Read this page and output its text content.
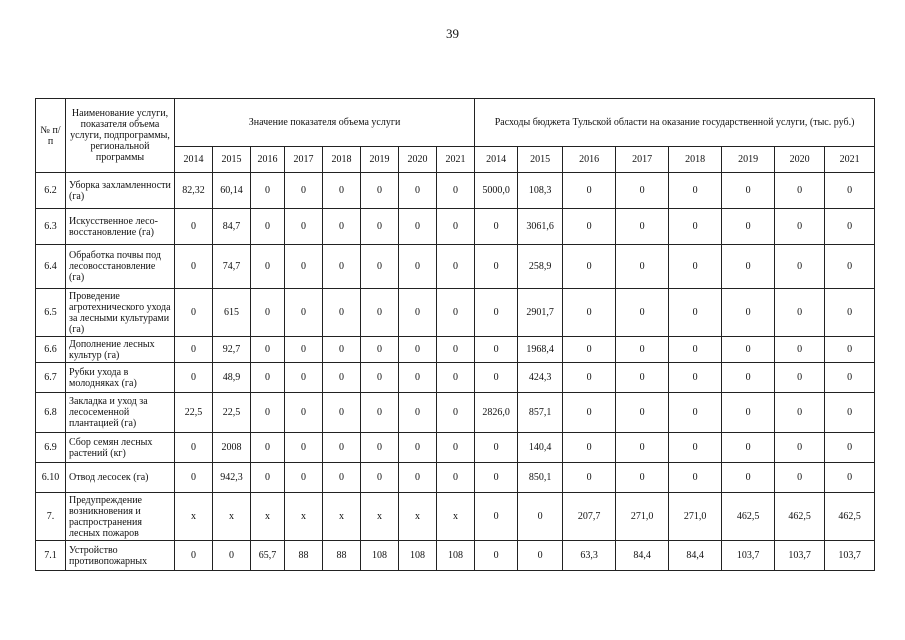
39
№ п/п	Наименование услуги, показателя объема услуги, подпрограммы, региональной программы	Значение показателя объема услуги								Расходы бюджета Тульской области на оказание государственной услуги, (тыс. руб.)							
		2014	2015	2016	2017	2018	2019	2020	2021	2014	2015	2016	2017	2018	2019	2020	2021
6.2	Уборка захламленности (га)	82,32	60,14	0	0	0	0	0	0	5000,0	108,3	0	0	0	0	0	0
6.3	Искусственное лесо-восстановление (га)	0	84,7	0	0	0	0	0	0	0	3061,6	0	0	0	0	0	0
6.4	Обработка почвы под лесовосстановление (га)	0	74,7	0	0	0	0	0	0	0	258,9	0	0	0	0	0	0
6.5	Проведение агротехнического ухода за лесными культурами (га)	0	615	0	0	0	0	0	0	0	2901,7	0	0	0	0	0	0
6.6	Дополнение лесных культур (га)	0	92,7	0	0	0	0	0	0	0	1968,4	0	0	0	0	0	0
6.7	Рубки ухода в молодняках (га)	0	48,9	0	0	0	0	0	0	0	424,3	0	0	0	0	0	0
6.8	Закладка и уход за лесосеменной плантацией (га)	22,5	22,5	0	0	0	0	0	0	2826,0	857,1	0	0	0	0	0	0
6.9	Сбор семян лесных растений (кг)	0	2008	0	0	0	0	0	0	0	140,4	0	0	0	0	0	0
6.10	Отвод лесосек (га)	0	942,3	0	0	0	0	0	0	0	850,1	0	0	0	0	0	0
7.	Предупреждение возникновения и распространения лесных пожаров	x	x	x	x	x	x	x	x	0	0	207,7	271,0	271,0	462,5	462,5	462,5
7.1	Устройство противопожарных	0	0	65,7	88	88	108	108	108	0	0	63,3	84,4	84,4	103,7	103,7	103,7
